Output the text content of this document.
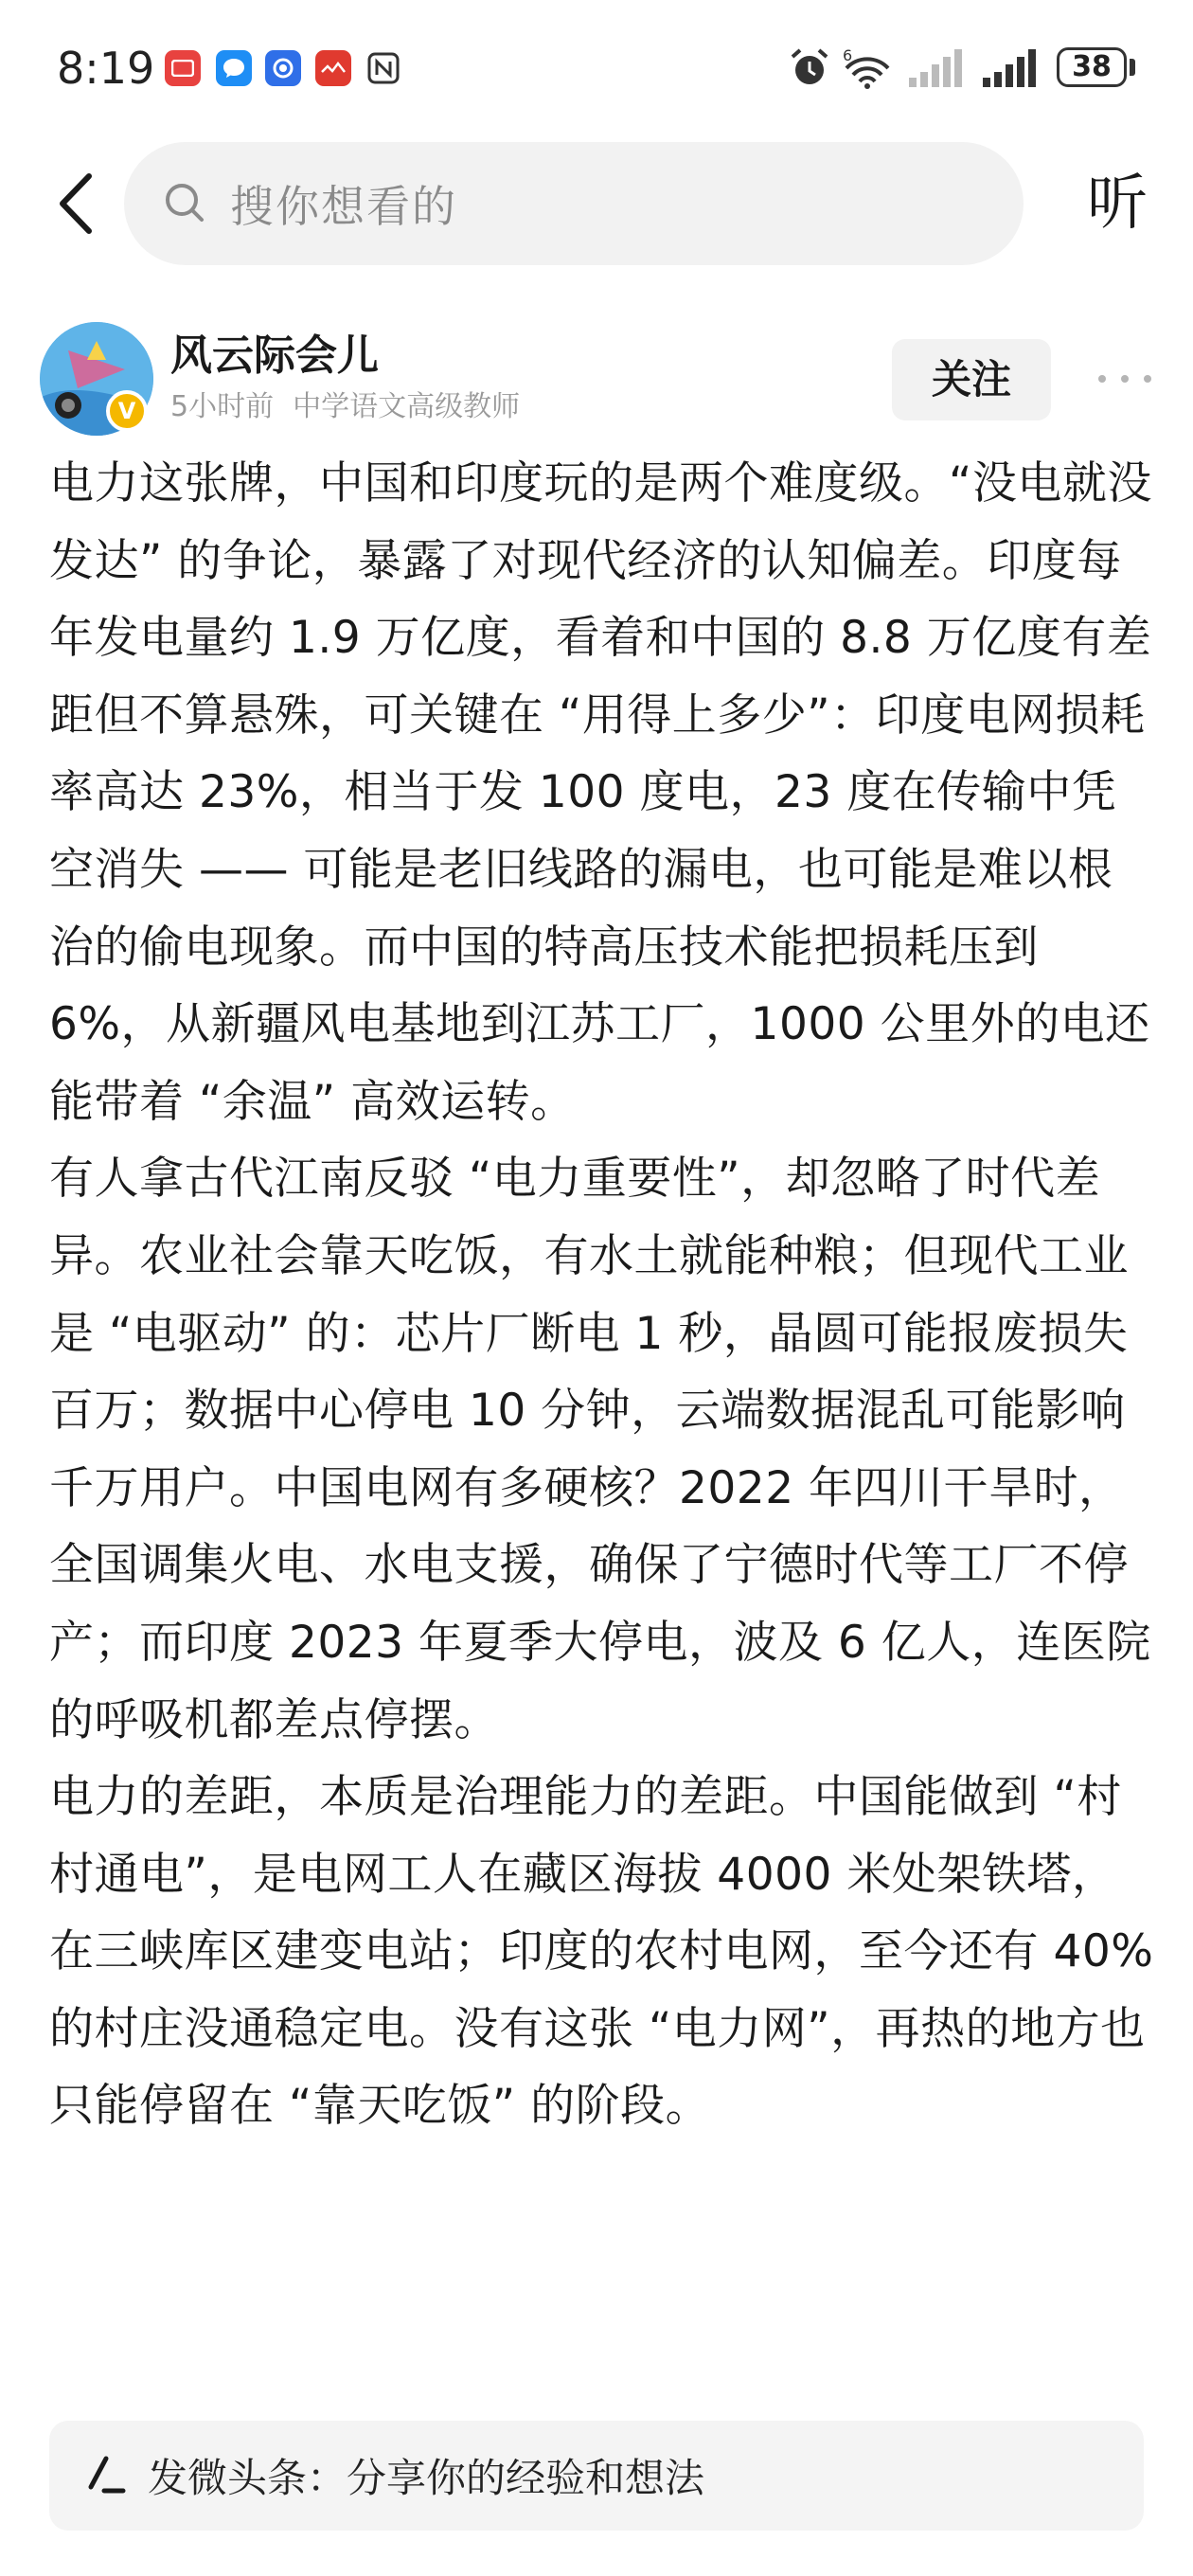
8:19	6	38
搜你想看的	听
V
风云际会儿
5小时前 中学语文高级教师
关注

电力这张牌，中国和印度玩的是两个难度级。“没电就没发达” 的争论，暴露了对现代经济的认知偏差。印度每年发电量约 1.9 万亿度，看着和中国的 8.8 万亿度有差距但不算悬殊，可关键在 “用得上多少”：印度电网损耗率高达 23%，相当于发 100 度电，23 度在传输中凭空消失 —— 可能是老旧线路的漏电，也可能是难以根治的偷电现象。而中国的特高压技术能把损耗压到 6%，从新疆风电基地到江苏工厂，1000 公里外的电还能带着 “余温” 高效运转。

有人拿古代江南反驳 “电力重要性”，却忽略了时代差异。农业社会靠天吃饭，有水土就能种粮；但现代工业是 “电驱动” 的：芯片厂断电 1 秒，晶圆可能报废损失百万；数据中心停电 10 分钟，云端数据混乱可能影响千万用户。中国电网有多硬核？2022 年四川干旱时，全国调集火电、水电支援，确保了宁德时代等工厂不停产；而印度 2023 年夏季大停电，波及 6 亿人，连医院的呼吸机都差点停摆。

电力的差距，本质是治理能力的差距。中国能做到 “村村通电”，是电网工人在藏区海拔 4000 米处架铁塔，在三峡库区建变电站；印度的农村电网，至今还有 40% 的村庄没通稳定电。没有这张 “电力网”，再热的地方也只能停留在 “靠天吃饭” 的阶段。

发微头条：分享你的经验和想法
